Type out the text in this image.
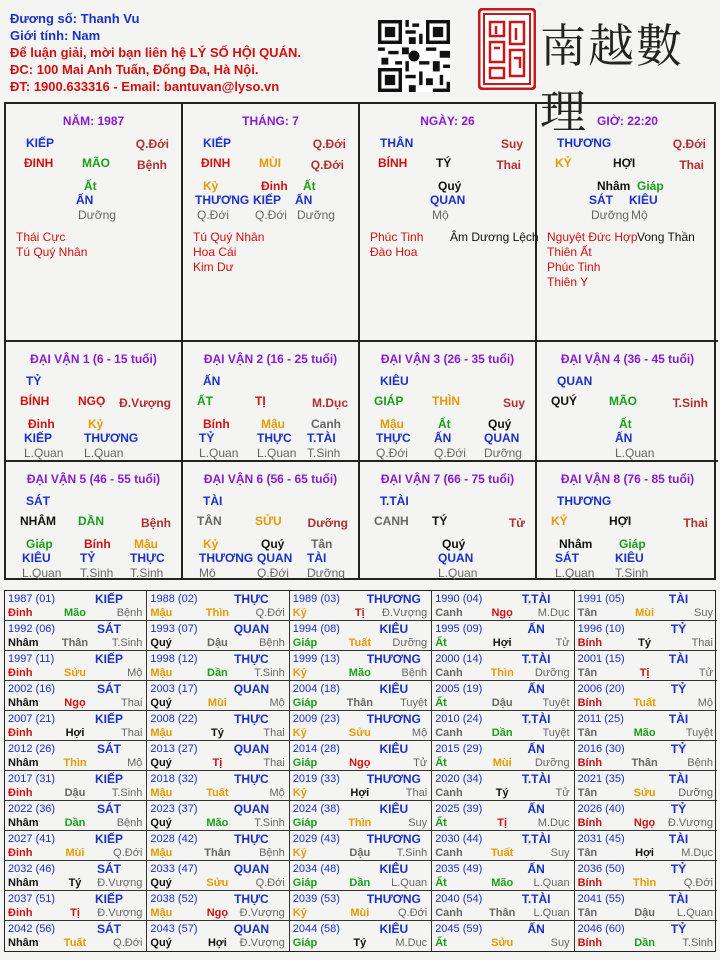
Đương số: Thanh Vu
Giới tính: Nam
Để luận giải, mời bạn liên hệ LÝ SỐ HỘI QUÁN.
ĐC: 100 Mai Anh Tuấn, Đống Đa, Hà Nội.
ĐT: 1900.633316 - Email: bantuvan@lyso.vn
南越數理
NĂM: 1987
KIẾP	Q.Đới
ĐINH MÃO Bệnh
Ất
ẤN
Dưỡng
Thái Cực
Tú Quý Nhân
THÁNG: 7
KIẾP	Q.Đới
ĐINH MÙI Q.Đới
Kỷ
THƯƠNG
Q.Đới
Đinh
KIẾP
Q.Đới
Ất
ẤN
Dưỡng
Tú Quý Nhân
Hoa Cái
Kim Dư
NGÀY: 26
THÂN	Suy
BÍNH TÝ	Thai
Quý
QUAN
Mộ
Phúc Tinh
Đào Hoa
Âm Dương Lệch
GIỜ: 22:20
THƯƠNG	Q.Đới
KỶ	HỢI	Thai
Nhâm
SÁT
Dưỡng
Giáp
KIÊU
Mộ
Nguyệt Đức Hợp
Thiên Ất
Phúc Tinh
Thiên Y
Vong Thần
ĐẠI VẬN 1 (6 - 15 tuổi)
TỶ
BÍNH NGỌ Đ.Vượng
Đinh
KIẾP
L.Quan
Kỷ
THƯƠNG
L.Quan
ĐẠI VẬN 2 (16 - 25 tuổi)
ẤN
ẤT	TỊ	M.Dục
Bính
TỶ
L.Quan
Mậu
THỰC
L.Quan
Canh
T.TÀI
T.Sinh
ĐẠI VẬN 3 (26 - 35 tuổi)
KIÊU
GIÁP THÌN	Suy
Mậu
THỰC
Q.Đới
Ất
ẤN
Q.Đới
Quý
QUAN
Dưỡng
ĐẠI VẬN 4 (36 - 45 tuổi)
QUAN
QUÝ	MÃO	T.Sinh
Ất
ẤN
L.Quan
ĐẠI VẬN 5 (46 - 55 tuổi)
SÁT
NHÂM DẦN	Bệnh
Giáp
KIÊU
L.Quan
Bính
TỶ
T.Sinh
Mậu
THỰC
T.Sinh
ĐẠI VẬN 6 (56 - 65 tuổi)
TÀI
TÂN	SỬU Dưỡng
Kỷ
THƯƠNG
Mộ
Quý
QUAN
Q.Đới
Tân
TÀI
Dưỡng
ĐẠI VẬN 7 (66 - 75 tuổi)
T.TÀI
CANH TÝ	Tử
Quý
QUAN
L.Quan
ĐẠI VẬN 8 (76 - 85 tuổi)
THƯƠNG
KỶ	HỢI	Thai
Nhâm
SÁT
L.Quan
Giáp
KIÊU
T.Sinh
1987 (01)	KIẾP
Đinh	Mão	Bệnh
1988 (02)	THỰC
Mậu	Thìn	Q.Đới
1989 (03)	THƯƠNG
Kỷ	Tị	Đ.Vượng
1990 (04)	T.TÀI
Canh	Ngọ	M.Dục
1991 (05)	TÀI
Tân	Mùi	Suy
1992 (06)	SÁT
Nhâm	Thân	T.Sinh
1993 (07)	QUAN
Quý	Dậu	Bệnh
1994 (08)	KIÊU
Giáp	Tuất	Dưỡng
1995 (09)	ẤN
Ất	Hợi	Tử
1996 (10)	TỶ
Bính	Tý	Thai
1997 (11)	KIẾP
Đinh	Sửu	Mộ
1998 (12)	THỰC
Mậu	Dần	T.Sinh
1999 (13)	THƯƠNG
Kỷ	Mão	Bệnh
2000 (14)	T.TÀI
Canh	Thìn	Dưỡng
2001 (15)	TÀI
Tân	Tị	Tử
2002 (16)	SÁT
Nhâm	Ngọ	Thai
2003 (17)	QUAN
Quý	Mùi	Mộ
2004 (18)	KIÊU
Giáp	Thân	Tuyệt
2005 (19)	ẤN
Ất	Dậu	Tuyệt
2006 (20)	TỶ
Bính	Tuất	Mộ
2007 (21)	KIẾP
Đinh	Hợi	Thai
2008 (22)	THỰC
Mậu	Tý	Thai
2009 (23)	THƯƠNG
Kỷ	Sửu	Mộ
2010 (24)	T.TÀI
Canh	Dần	Tuyệt
2011 (25)	TÀI
Tân	Mão	Tuyệt
2012 (26)	SÁT
Nhâm	Thìn	Mộ
2013 (27)	QUAN
Quý	Tị	Thai
2014 (28)	KIÊU
Giáp	Ngọ	Tử
2015 (29)	ẤN
Ất	Mùi	Dưỡng
2016 (30)	TỶ
Bính	Thân	Bệnh
2017 (31)	KIẾP
Đinh	Dậu	T.Sinh
2018 (32)	THỰC
Mậu	Tuất	Mộ
2019 (33)	THƯƠNG
Kỷ	Hợi	Thai
2020 (34)	T.TÀI
Canh	Tý	Tử
2021 (35)	TÀI
Tân	Sửu	Dưỡng
2022 (36)	SÁT
Nhâm	Dần	Bệnh
2023 (37)	QUAN
Quý	Mão	T.Sinh
2024 (38)	KIÊU
Giáp	Thìn	Suy
2025 (39)	ẤN
Ất	Tị	M.Dục
2026 (40)	TỶ
Bính	Ngọ	Đ.Vượng
2027 (41)	KIẾP
Đinh	Mùi	Q.Đới
2028 (42)	THỰC
Mậu	Thân	Bệnh
2029 (43)	THƯƠNG
Kỷ	Dậu	T.Sinh
2030 (44)	T.TÀI
Canh	Tuất	Suy
2031 (45)	TÀI
Tân	Hợi	M.Dục
2032 (46)	SÁT
Nhâm	Tý	Đ.Vượng
2033 (47)	QUAN
Quý	Sửu	Q.Đới
2034 (48)	KIÊU
Giáp	Dần	L.Quan
2035 (49)	ẤN
Ất	Mão	L.Quan
2036 (50)	TỶ
Bính	Thìn	Q.Đới
2037 (51)	KIẾP
Đinh	Tị	Đ.Vượng
2038 (52)	THỰC
Mậu	Ngọ	Đ.Vượng
2039 (53)	THƯƠNG
Kỷ	Mùi	Q.Đới
2040 (54)	T.TÀI
Canh	Thân	L.Quan
2041 (55)	TÀI
Tân	Dậu	L.Quan
2042 (56)	SÁT
Nhâm	Tuất	Q.Đới
2043 (57)	QUAN
Quý	Hợi	Đ.Vượng
2044 (58)	KIÊU
Giáp	Tý	M.Dục
2045 (59)	ẤN
Ất	Sửu	Suy
2046 (60)	TỶ
Bính	Dần	T.Sinh
